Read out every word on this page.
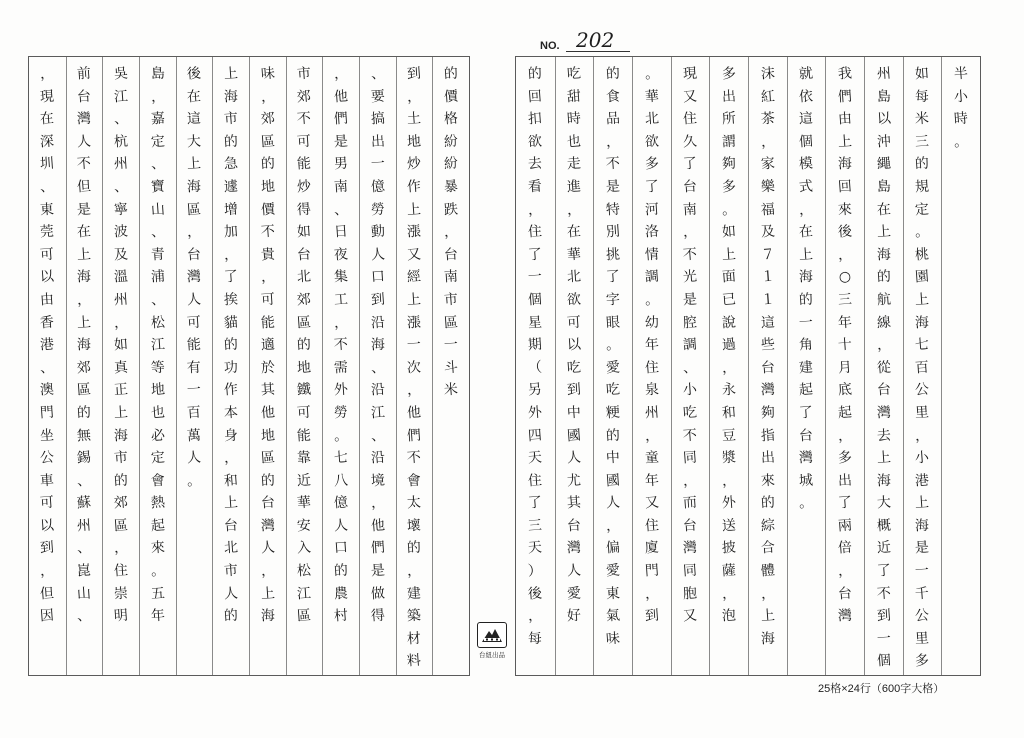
NO. 202
的
價
格
紛
紛
暴
跌
，
台
南
市
區
一
斗
米
到
，
土
地
炒
作
上
漲
又
經
上
漲
一
次
，
他
們
不
會
太
壞
的
，
建
築
材
料
、
要
搞
出
一
億
勞
動
人
口
到
沿
海
、
沿
江
、
沿
境
，
他
們
是
做
得
，
他
們
是
男
南
、
日
夜
集
工
，
不
需
外
勞
。
七
八
億
人
口
的
農
村
市
郊
不
可
能
炒
得
如
台
北
郊
區
的
地
鐵
可
能
靠
近
華
安
入
松
江
區
味
，
郊
區
的
地
價
不
貴
，
可
能
適
於
其
他
地
區
的
台
灣
人
，
上
海
上
海
市
的
急
遽
增
加
，
了
挨
貓
的
功
作
本
身
，
和
上
台
北
市
人
的
後
在
這
大
上
海
區
，
台
灣
人
可
能
有
一
百
萬
人
。
島
，
嘉
定
、
寶
山
、
青
浦
、
松
江
等
地
也
必
定
會
熱
起
來
。
五
年
吳
江
、
杭
州
、
寧
波
及
溫
州
，
如
真
正
上
海
市
的
郊
區
，
住
崇
明
前
台
灣
人
不
但
是
在
上
海
，
上
海
郊
區
的
無
錫
、
蘇
州
、
崑
山
、
，
現
在
深
圳
、
東
莞
可
以
由
香
港
、
澳
門
坐
公
車
可
以
到
，
但
因
台紐出品
半
小
時
。
如
每
米
三
的
規
定
。
桃
園
上
海
七
百
公
里
，
小
港
上
海
是
一
千
公
里
多
州
島
以
沖
繩
島
在
上
海
的
航
線
，
從
台
灣
去
上
海
大
概
近
了
不
到
一
個
我
們
由
上
海
回
來
後
，
○
三
年
十
月
底
起
，
多
出
了
兩
倍
，
台
灣
就
依
這
個
模
式
，
在
上
海
的
一
角
建
起
了
台
灣
城
。
沫
紅
茶
，
家
樂
福
及
７
１
１
這
些
台
灣
夠
指
出
來
的
綜
合
體
，
上
海
多
出
所
謂
夠
多
。
如
上
面
已
說
過
，
永
和
豆
漿
，
外
送
披
薩
，
泡
現
又
住
久
了
台
南
，
不
光
是
腔
調
、
小
吃
不
同
，
而
台
灣
同
胞
又
。
華
北
欲
多
了
河
洛
情
調
。
幼
年
住
泉
州
，
童
年
又
住
廈
門
，
到
的
食
品
，
不
是
特
別
挑
了
字
眼
。
愛
吃
粳
的
中
國
人
，
偏
愛
東
氣
味
吃
甜
時
也
走
進
，
在
華
北
欲
可
以
吃
到
中
國
人
尤
其
台
灣
人
愛
好
的
回
扣
欲
去
看
，
住
了
一
個
星
期
（
另
外
四
天
住
了
三
天
）
後
，
每
25格×24行（600字大格）
